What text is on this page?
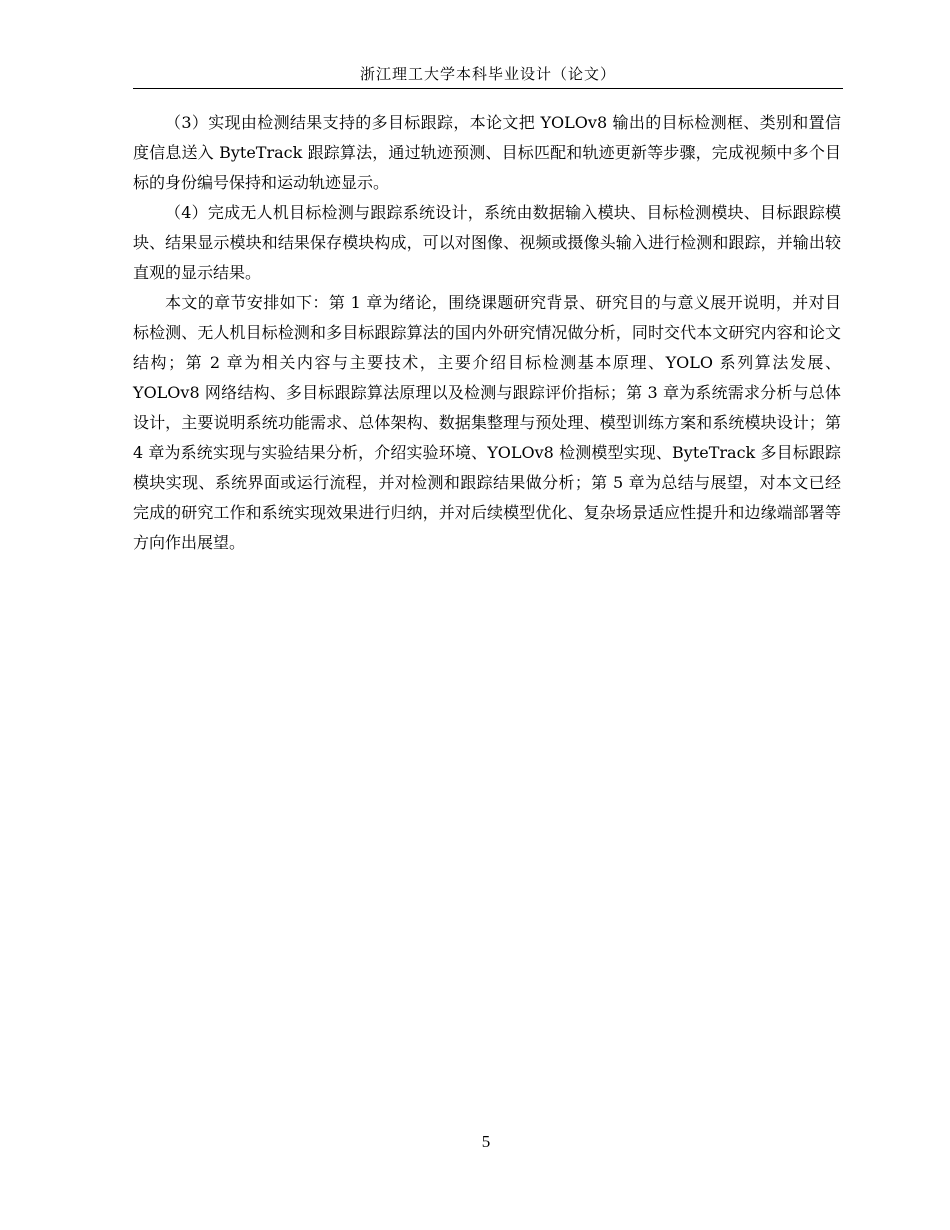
浙江理工大学本科毕业设计（论文）

（3）实现由检测结果支持的多目标跟踪，本论文把 YOLOv8 输出的目标检测框、类别和置信度信息送入 ByteTrack 跟踪算法，通过轨迹预测、目标匹配和轨迹更新等步骤，完成视频中多个目标的身份编号保持和运动轨迹显示。

（4）完成无人机目标检测与跟踪系统设计，系统由数据输入模块、目标检测模块、目标跟踪模块、结果显示模块和结果保存模块构成，可以对图像、视频或摄像头输入进行检测和跟踪，并输出较直观的显示结果。

本文的章节安排如下：第 1 章为绪论，围绕课题研究背景、研究目的与意义展开说明，并对目标检测、无人机目标检测和多目标跟踪算法的国内外研究情况做分析，同时交代本文研究内容和论文结构；第 2 章为相关内容与主要技术，主要介绍目标检测基本原理、YOLO 系列算法发展、YOLOv8 网络结构、多目标跟踪算法原理以及检测与跟踪评价指标；第 3 章为系统需求分析与总体设计，主要说明系统功能需求、总体架构、数据集整理与预处理、模型训练方案和系统模块设计；第 4 章为系统实现与实验结果分析，介绍实验环境、YOLOv8 检测模型实现、ByteTrack 多目标跟踪模块实现、系统界面或运行流程，并对检测和跟踪结果做分析；第 5 章为总结与展望，对本文已经完成的研究工作和系统实现效果进行归纳，并对后续模型优化、复杂场景适应性提升和边缘端部署等方向作出展望。

5
